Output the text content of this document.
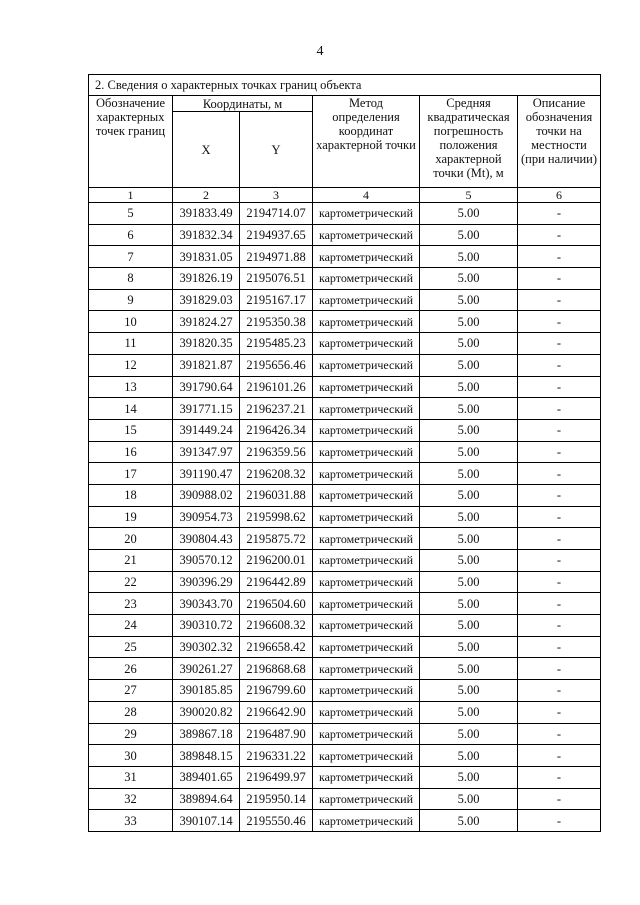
4
2. Сведения о характерных точках границ объекта					
Обозначение характерных точек границ	Координаты, м		Метод определения координат характерной точки	Средняя квадратическая погрешность положения характерной точки (Mt), м	Описание обозначения точки на местности (при наличии)
	X	Y			
1	2	3	4	5	6
5	391833.49	2194714.07	картометрический	5.00	-
6	391832.34	2194937.65	картометрический	5.00	-
7	391831.05	2194971.88	картометрический	5.00	-
8	391826.19	2195076.51	картометрический	5.00	-
9	391829.03	2195167.17	картометрический	5.00	-
10	391824.27	2195350.38	картометрический	5.00	-
11	391820.35	2195485.23	картометрический	5.00	-
12	391821.87	2195656.46	картометрический	5.00	-
13	391790.64	2196101.26	картометрический	5.00	-
14	391771.15	2196237.21	картометрический	5.00	-
15	391449.24	2196426.34	картометрический	5.00	-
16	391347.97	2196359.56	картометрический	5.00	-
17	391190.47	2196208.32	картометрический	5.00	-
18	390988.02	2196031.88	картометрический	5.00	-
19	390954.73	2195998.62	картометрический	5.00	-
20	390804.43	2195875.72	картометрический	5.00	-
21	390570.12	2196200.01	картометрический	5.00	-
22	390396.29	2196442.89	картометрический	5.00	-
23	390343.70	2196504.60	картометрический	5.00	-
24	390310.72	2196608.32	картометрический	5.00	-
25	390302.32	2196658.42	картометрический	5.00	-
26	390261.27	2196868.68	картометрический	5.00	-
27	390185.85	2196799.60	картометрический	5.00	-
28	390020.82	2196642.90	картометрический	5.00	-
29	389867.18	2196487.90	картометрический	5.00	-
30	389848.15	2196331.22	картометрический	5.00	-
31	389401.65	2196499.97	картометрический	5.00	-
32	389894.64	2195950.14	картометрический	5.00	-
33	390107.14	2195550.46	картометрический	5.00	-
